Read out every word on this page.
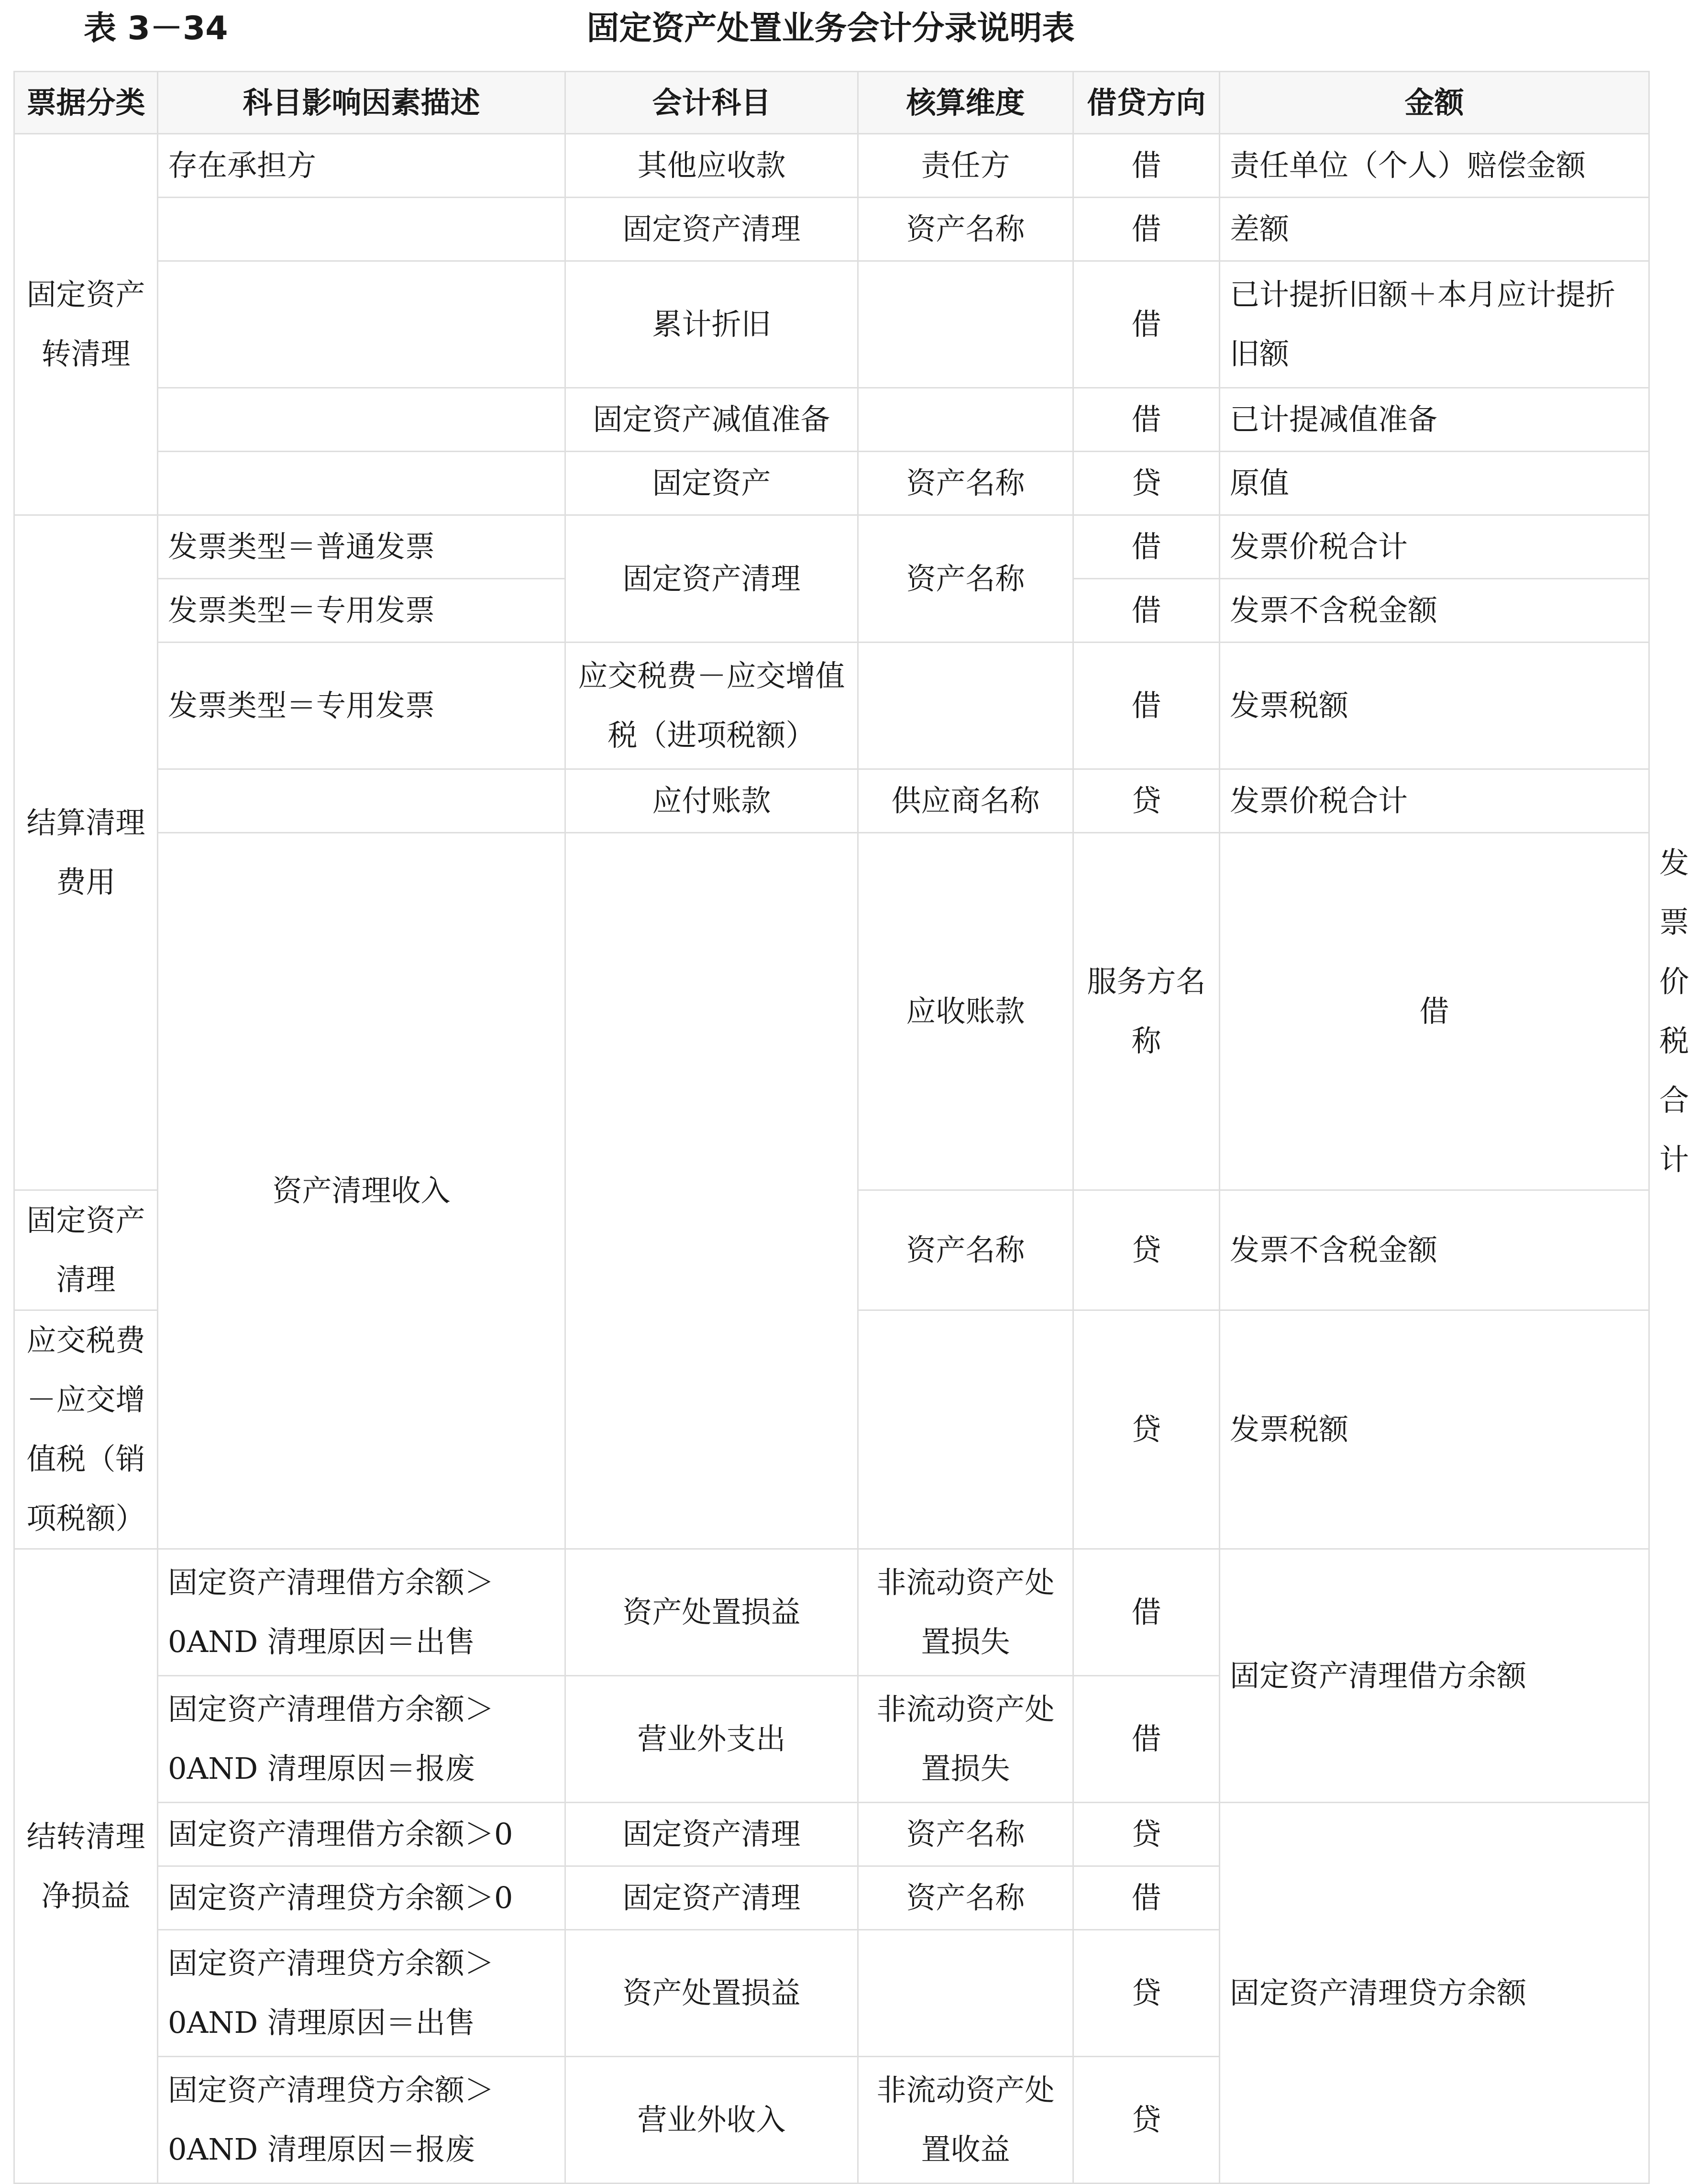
表 3－34	固定资产处置业务会计分录说明表
票据分类	科目影响因素描述	会计科目	核算维度	借贷方向	金额	
固定资产转清理	存在承担方	其他应收款	责任方	借	责任单位（个人）赔偿金额	
		固定资产清理	资产名称	借	差额	
		累计折旧		借	已计提折旧额＋本月应计提折旧额	
		固定资产减值准备		借	已计提减值准备	
		固定资产	资产名称	贷	原值	
结算清理费用	发票类型＝普通发票	固定资产清理	资产名称	借	发票价税合计	
	发票类型＝专用发票			借	发票不含税金额	
	发票类型＝专用发票	应交税费－应交增值税（进项税额）		借	发票税额	
		应付账款	供应商名称	贷	发票价税合计	
	资产清理收入		应收账款	服务方名称	借	发票价税合计
固定资产清理			资产名称	贷	发票不含税金额	
应交税费－应交增值税（销项税额）				贷	发票税额	
结转清理净损益	固定资产清理借方余额＞0AND 清理原因＝出售	资产处置损益	非流动资产处置损失	借	固定资产清理借方余额	
	固定资产清理借方余额＞0AND 清理原因＝报废	营业外支出	非流动资产处置损失	借		
	固定资产清理借方余额＞0	固定资产清理	资产名称	贷	固定资产清理贷方余额	
	固定资产清理贷方余额＞0	固定资产清理	资产名称	借		
	固定资产清理贷方余额＞0AND 清理原因＝出售	资产处置损益		贷		
	固定资产清理贷方余额＞0AND 清理原因＝报废	营业外收入	非流动资产处置收益	贷		
